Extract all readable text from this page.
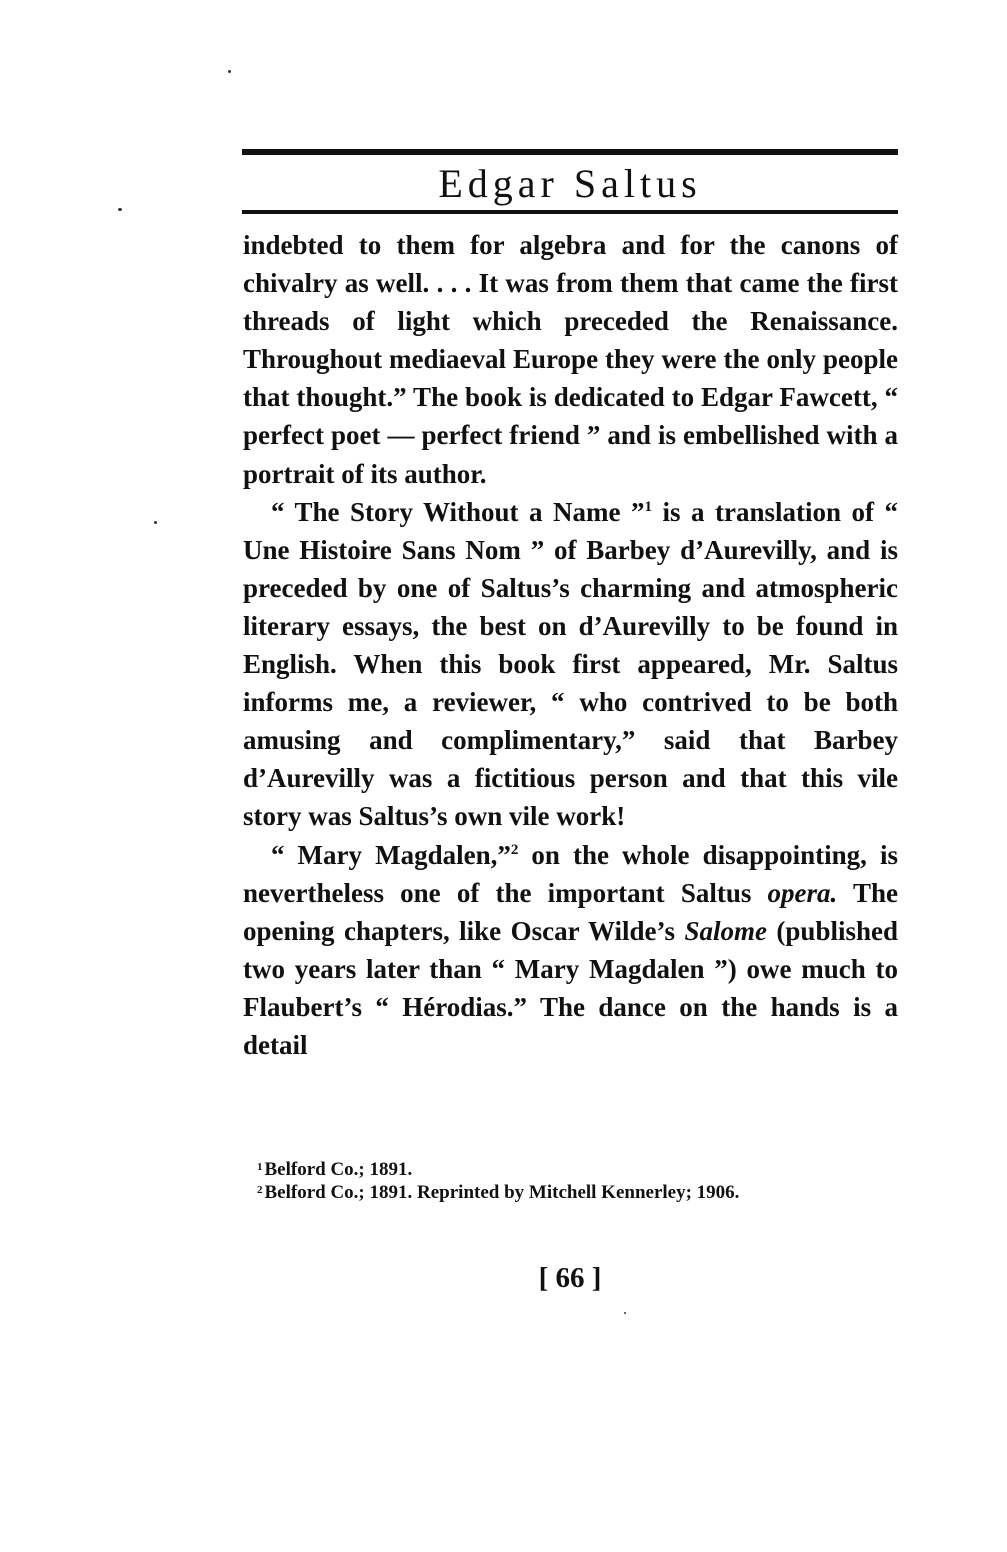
Edgar Saltus

indebted to them for algebra and for the canons of chivalry as well. . . . It was from them that came the first threads of light which preceded the Renaissance. Throughout mediaeval Europe they were the only people that thought.” The book is dedicated to Edgar Fawcett, “ perfect poet — perfect friend ” and is embellished with a portrait of its author.

“ The Story Without a Name ”$^1$ is a translation of “ Une Histoire Sans Nom ” of Barbey d’Aurevilly, and is preceded by one of Saltus’s charming and atmospheric literary essays, the best on d’Aurevilly to be found in English. When this book first appeared, Mr. Saltus informs me, a reviewer, “ who contrived to be both amusing and complimentary,” said that Barbey d’Aurevilly was a fictitious person and that this vile story was Saltus’s own vile work!

“ Mary Magdalen,”$^2$ on the whole disappointing, is nevertheless one of the important Saltus opera. The opening chapters, like Oscar Wilde’s Salome (published two years later than “ Mary Magdalen ”) owe much to Flaubert’s “ Hérodias.” The dance on the hands is a detail

$^1$ Belford Co.; 1891.

$^2$ Belford Co.; 1891. Reprinted by Mitchell Kennerley; 1906.

[ 66 ]
